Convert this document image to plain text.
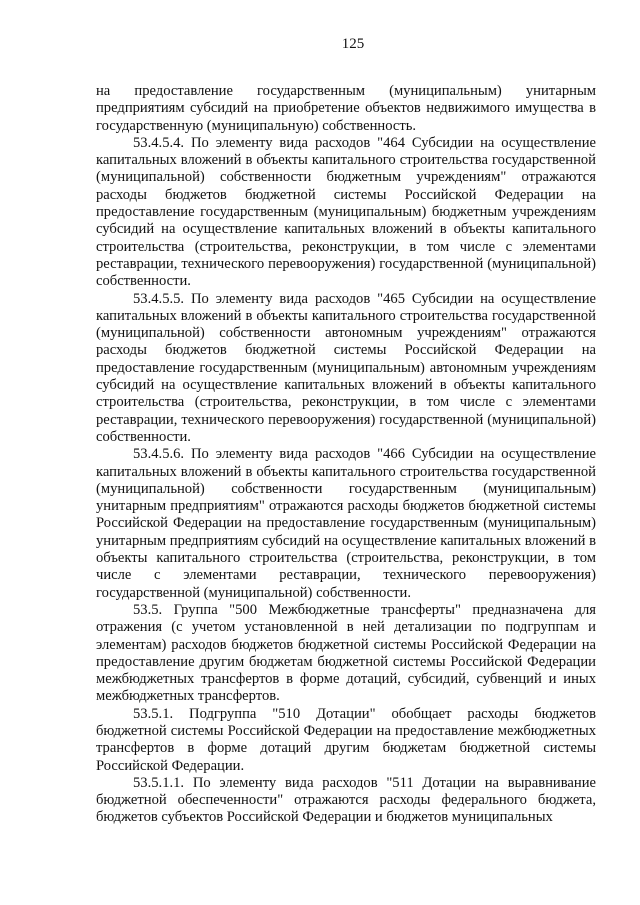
125

на предоставление государственным (муниципальным) унитарным предприятиям субсидий на приобретение объектов недвижимого имущества в государственную (муниципальную) собственность.

53.4.5.4. По элементу вида расходов "464 Субсидии на осуществление капитальных вложений в объекты капитального строительства государственной (муниципальной) собственности бюджетным учреждениям" отражаются расходы бюджетов бюджетной системы Российской Федерации на предоставление государственным (муниципальным) бюджетным учреждениям субсидий на осуществление капитальных вложений в объекты капитального строительства (строительства, реконструкции, в том числе с элементами реставрации, технического перевооружения) государственной (муниципальной) собственности.

53.4.5.5. По элементу вида расходов "465 Субсидии на осуществление капитальных вложений в объекты капитального строительства государственной (муниципальной) собственности автономным учреждениям" отражаются расходы бюджетов бюджетной системы Российской Федерации на предоставление государственным (муниципальным) автономным учреждениям субсидий на осуществление капитальных вложений в объекты капитального строительства (строительства, реконструкции, в том числе с элементами реставрации, технического перевооружения) государственной (муниципальной) собственности.

53.4.5.6. По элементу вида расходов "466 Субсидии на осуществление капитальных вложений в объекты капитального строительства государственной (муниципальной) собственности государственным (муниципальным) унитарным предприятиям" отражаются расходы бюджетов бюджетной системы Российской Федерации на предоставление государственным (муниципальным) унитарным предприятиям субсидий на осуществление капитальных вложений в объекты капитального строительства (строительства, реконструкции, в том числе с элементами реставрации, технического перевооружения) государственной (муниципальной) собственности.

53.5. Группа "500 Межбюджетные трансферты" предназначена для отражения (с учетом установленной в ней детализации по подгруппам и элементам) расходов бюджетов бюджетной системы Российской Федерации на предоставление другим бюджетам бюджетной системы Российской Федерации межбюджетных трансфертов в форме дотаций, субсидий, субвенций и иных межбюджетных трансфертов.

53.5.1. Подгруппа "510 Дотации" обобщает расходы бюджетов бюджетной системы Российской Федерации на предоставление межбюджетных трансфертов в форме дотаций другим бюджетам бюджетной системы Российской Федерации.

53.5.1.1. По элементу вида расходов "511 Дотации на выравнивание бюджетной обеспеченности" отражаются расходы федерального бюджета, бюджетов субъектов Российской Федерации и бюджетов муниципальных
